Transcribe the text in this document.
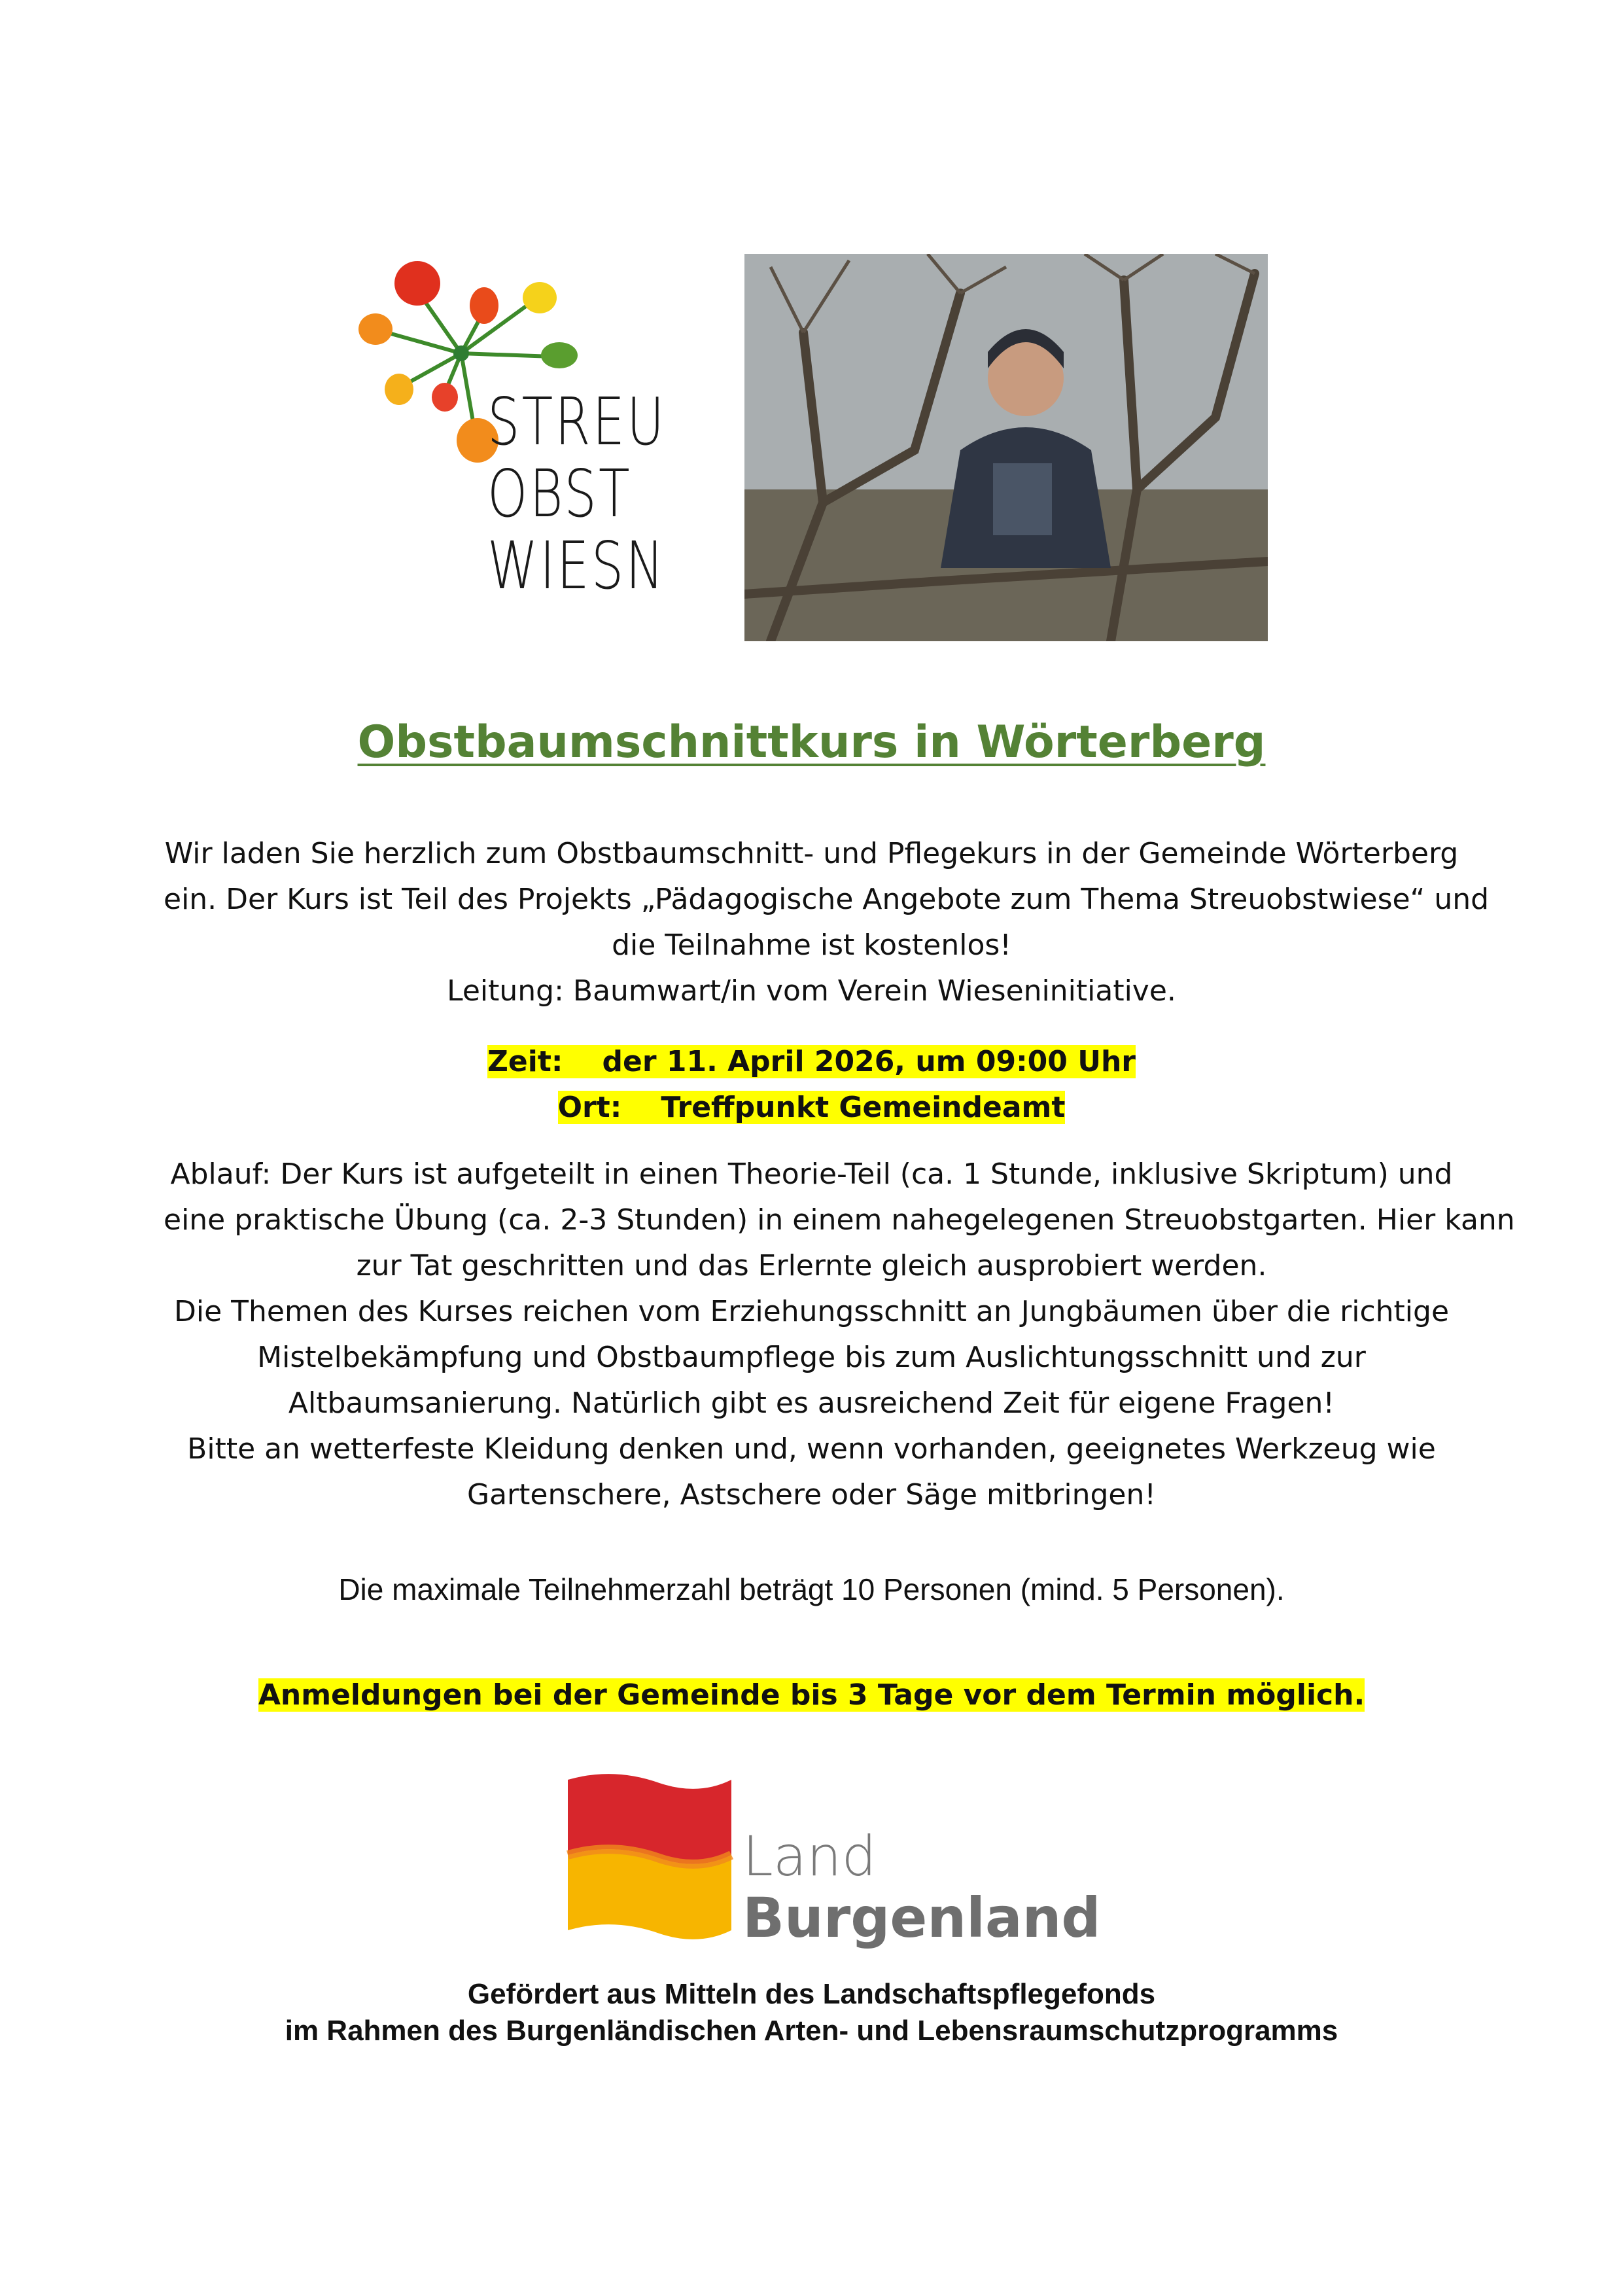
STREU
OBST
WIESN
Obstbaumschnittkurs in Wörterberg
Wir laden Sie herzlich zum Obstbaumschnitt- und Pflegekurs in der Gemeinde Wörterberg
ein. Der Kurs ist Teil des Projekts „Pädagogische Angebote zum Thema Streuobstwiese“ und
die Teilnahme ist kostenlos!
Leitung: Baumwart/in vom Verein Wieseninitiative.
Zeit: der 11. April 2026, um 09:00 Uhr
Ort: Treffpunkt Gemeindeamt
Ablauf: Der Kurs ist aufgeteilt in einen Theorie-Teil (ca. 1 Stunde, inklusive Skriptum) und
eine praktische Übung (ca. 2-3 Stunden) in einem nahegelegenen Streuobstgarten. Hier kann
zur Tat geschritten und das Erlernte gleich ausprobiert werden.
Die Themen des Kurses reichen vom Erziehungsschnitt an Jungbäumen über die richtige
Mistelbekämpfung und Obstbaumpflege bis zum Auslichtungsschnitt und zur
Altbaumsanierung. Natürlich gibt es ausreichend Zeit für eigene Fragen!
Bitte an wetterfeste Kleidung denken und, wenn vorhanden, geeignetes Werkzeug wie
Gartenschere, Astschere oder Säge mitbringen!
Die maximale Teilnehmerzahl beträgt 10 Personen (mind. 5 Personen).
Anmeldungen bei der Gemeinde bis 3 Tage vor dem Termin möglich.
Land
Burgenland
Gefördert aus Mitteln des Landschaftspflegefonds
im Rahmen des Burgenländischen Arten- und Lebensraumschutzprogramms
